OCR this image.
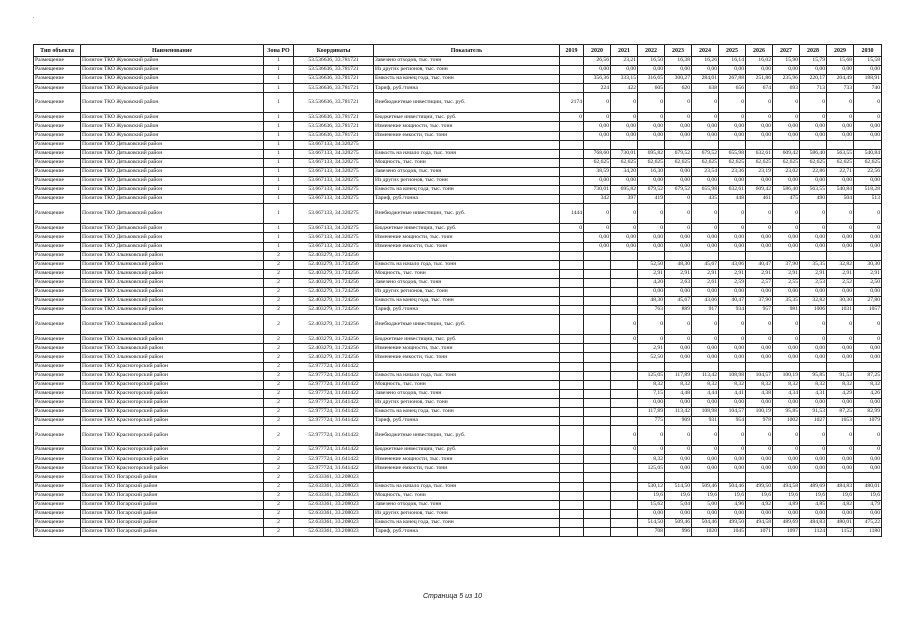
.
Тип объекта	Наименование	Зона РО	Координаты	Показатель	2019	2020	2021	2022	2023	2024	2025	2026	2027	2028	2029	2030
Размещение	Полигон ТКО Жуковский район	1	53.536636, 33.781721	Завезено отходов, тыс. тонн		26,56	23,21	16,50	16,38	16,26	16,14	16,02	15,90	15,79	15,68	15,58
Размещение	Полигон ТКО Жуковский район	1	53.536636, 33.781721	Из других регионов, тыс. тонн		0,00	0,00	0,00	0,00	0,00	0,00	0,00	0,00	0,00	0,00	0,00
Размещение	Полигон ТКО Жуковский район	1	53.536636, 33.781721	Емкость на конец года, тыс. тонн		356,36	333,15	316,65	300,27	284,01	267,88	251,86	235,96	220,17	204,49	188,91
Размещение	Полигон ТКО Жуковский район	1	53.536636, 33.781721	Тариф, руб./тонна		224	422	605	620	638	656	674	693	713	733	740
Размещение	Полигон ТКО Жуковский район	1	53.536636, 33.781721	Внебюджетные инвестиции, тыс. руб.	2174	0	0	0	0	0	0	0	0	0	0	0
Размещение	Полигон ТКО Жуковский район	1	53.536636, 33.781721	Бюджетные инвестиции, тыс. руб.	0	0	0	0	0	0	0	0	0	0	0	0
Размещение	Полигон ТКО Жуковский район	1	53.536636, 33.781721	Изменение мощности, тыс. тонн		0,00	0,00	0,00	0,00	0,00	0,00	0,00	0,00	0,00	0,00	0,00
Размещение	Полигон ТКО Жуковский район	1	53.536636, 33.781721	Изменение емкости, тыс. тонн		0,00	0,00	0,00	0,00	0,00	0,00	0,00	0,00	0,00	0,00	0,00
Размещение	Полигон ТКО Дятьковский район	1	53.667133, 34.320275													
Размещение	Полигон ТКО Дятьковский район	1	53.667133, 34.320275	Емкость на начало года, тыс. тонн		768,60	730,01	695,82	679,52	679,52	655,98	632,61	609,42	586,40	563,55	540,84
Размещение	Полигон ТКО Дятьковский район	1	53.667133, 34.320275	Мощность, тыс. тонн		62,625	62,625	62,625	62,625	62,625	62,625	62,625	62,625	62,625	62,625	62,625
Размещение	Полигон ТКО Дятьковский район	1	53.667133, 34.320275	Завезено отходов, тыс. тонн		38,59	34,20	16,30	0,00	23,54	23,36	23,19	23,02	22,86	22,71	22,56
Размещение	Полигон ТКО Дятьковский район	1	53.667133, 34.320275	Из других регионов, тыс. тонн		0,00	0,00	0,00	0,00	0,00	0,00	0,00	0,00	0,00	0,00	0,00
Размещение	Полигон ТКО Дятьковский район	1	53.667133, 34.320275	Емкость на конец года, тыс. тонн		730,01	695,82	679,52	679,52	655,98	632,61	609,42	586,40	563,55	540,84	518,28
Размещение	Полигон ТКО Дятьковский район	1	53.667133, 34.320275	Тариф, руб./тонна		342	397	419	0	435	448	461	475	490	504	513
Размещение	Полигон ТКО Дятьковский район	1	53.667133, 34.320275	Внебюджетные инвестиции, тыс. руб.	1444	0	0	0	0	0	0	0	0	0	0	0
Размещение	Полигон ТКО Дятьковский район	1	53.667133, 34.320275	Бюджетные инвестиции, тыс. руб.	0	0	0	0	0	0	0	0	0	0	0	0
Размещение	Полигон ТКО Дятьковский район	1	53.667133, 34.320275	Изменение мощности, тыс. тонн		0,00	0,00	0,00	0,00	0,00	0,00	0,00	0,00	0,00	0,00	0,00
Размещение	Полигон ТКО Дятьковский район	1	53.667133, 34.320275	Изменение емкости, тыс. тонн		0,00	0,00	0,00	0,00	0,00	0,00	0,00	0,00	0,00	0,00	0,00
Размещение	Полигон ТКО Злынковский район	2	52.403279, 31.724256													
Размещение	Полигон ТКО Злынковский район	2	52.403279, 31.724256	Емкость на начало года, тыс. тонн				52,50	48,30	45,67	43,06	40,47	37,90	35,35	32,82	30,30
Размещение	Полигон ТКО Злынковский район	2	52.403279, 31.724256	Мощность, тыс. тонн				2,91	2,91	2,91	2,91	2,91	2,91	2,91	2,91	2,91
Размещение	Полигон ТКО Злынковский район	2	52.403279, 31.724256	Завезено отходов, тыс. тонн				4,20	2,63	2,61	2,59	2,57	2,55	2,53	2,52	2,50
Размещение	Полигон ТКО Злынковский район	2	52.403279, 31.724256	Из других регионов, тыс. тонн				0,00	0,00	0,00	0,00	0,00	0,00	0,00	0,00	0,00
Размещение	Полигон ТКО Злынковский район	2	52.403279, 31.724256	Емкость на конец года, тыс. тонн				48,30	45,67	43,06	40,47	37,90	35,35	32,82	30,30	27,80
Размещение	Полигон ТКО Злынковский район	2	52.403279, 31.724256	Тариф, руб./тонна				763	889	917	934	957	981	1006	1031	1057
Размещение	Полигон ТКО Злынковский район	2	52.403279, 31.724256	Внебюджетные инвестиции, тыс. руб.			0	0	0	0	0	0	0	0	0	0
Размещение	Полигон ТКО Злынковский район	2	52.403279, 31.724256	Бюджетные инвестиции, тыс. руб.			0	0	0	0	0	0	0	0	0	0
Размещение	Полигон ТКО Злынковский район	2	52.403279, 31.724256	Изменение мощности, тыс. тонн				2,91	0,00	0,00	0,00	0,00	0,00	0,00	0,00	0,00
Размещение	Полигон ТКО Злынковский район	2	52.403279, 31.724256	Изменение емкости, тыс. тонн				52,50	0,00	0,00	0,00	0,00	0,00	0,00	0,00	0,00
Размещение	Полигон ТКО Красногорский район	2	52.977724, 31.641422													
Размещение	Полигон ТКО Красногорский район	2	52.977724, 31.641422	Емкость на начало года, тыс. тонн				125,05	117,89	113,42	108,98	104,57	100,19	95,85	91,53	87,25
Размещение	Полигон ТКО Красногорский район	2	52.977724, 31.641422	Мощность, тыс. тонн				8,32	8,32	8,32	8,32	8,32	8,32	8,32	8,32	8,32
Размещение	Полигон ТКО Красногорский район	2	52.977724, 31.641422	Завезено отходов, тыс. тонн				7,15	4,48	4,44	4,41	4,38	4,34	4,31	4,29	4,26
Размещение	Полигон ТКО Красногорский район	2	52.977724, 31.641422	Из других регионов, тыс. тонн				0,00	0,00	0,00	0,00	0,00	0,00	0,00	0,00	0,00
Размещение	Полигон ТКО Красногорский район	2	52.977724, 31.641422	Емкость на конец года, тыс. тонн				117,89	113,42	108,98	104,57	100,19	95,85	91,53	87,25	82,99
Размещение	Полигон ТКО Красногорский район	2	52.977724, 31.641422	Тариф, руб./тонна				775	909	931	954	978	1002	1027	1053	1079
Размещение	Полигон ТКО Красногорский район	2	52.977724, 31.641422	Внебюджетные инвестиции, тыс. руб.			0	0	0	0	0	0	0	0	0	0
Размещение	Полигон ТКО Красногорский район	2	52.977724, 31.641422	Бюджетные инвестиции, тыс. руб.			0	0	0	0	0	0	0	0	0	0
Размещение	Полигон ТКО Красногорский район	2	52.977724, 31.641422	Изменение мощности, тыс. тонн				8,32	0,00	0,00	0,00	0,00	0,00	0,00	0,00	0,00
Размещение	Полигон ТКО Красногорский район	2	52.977724, 31.641422	Изменение емкости, тыс. тонн				125,05	0,00	0,00	0,00	0,00	0,00	0,00	0,00	0,00
Размещение	Полигон ТКО Погарский район	2	52.633361, 33.208023													
Размещение	Полигон ТКО Погарский район	2	52.633361, 33.208023	Емкость на начало года, тыс. тонн				530,12	514,50	509,46	504,46	499,50	494,58	489,69	484,83	480,01
Размещение	Полигон ТКО Погарский район	2	52.633361, 33.208023	Мощность, тыс. тонн				19,6	19,6	19,6	19,6	19,6	19,6	19,6	19,6	19,6
Размещение	Полигон ТКО Погарский район	2	52.633361, 33.208023	Завезено отходов, тыс. тонн				15,62	5,04	5,00	4,96	4,92	4,89	4,85	4,82	4,79
Размещение	Полигон ТКО Погарский район	2	52.633361, 33.208023	Из других регионов, тыс. тонн				0,00	0,00	0,00	0,00	0,00	0,00	0,00	0,00	0,00
Размещение	Полигон ТКО Погарский район	2	52.633361, 33.208023	Емкость на конец года, тыс. тонн				514,50	509,46	504,46	499,50	494,58	489,69	484,83	480,01	475,22
Размещение	Полигон ТКО Погарский район	2	52.633361, 33.208023	Тариф, руб./тонна				708	996	1020	1045	1071	1097	1124	1152	1180
Страница 5 из 10
